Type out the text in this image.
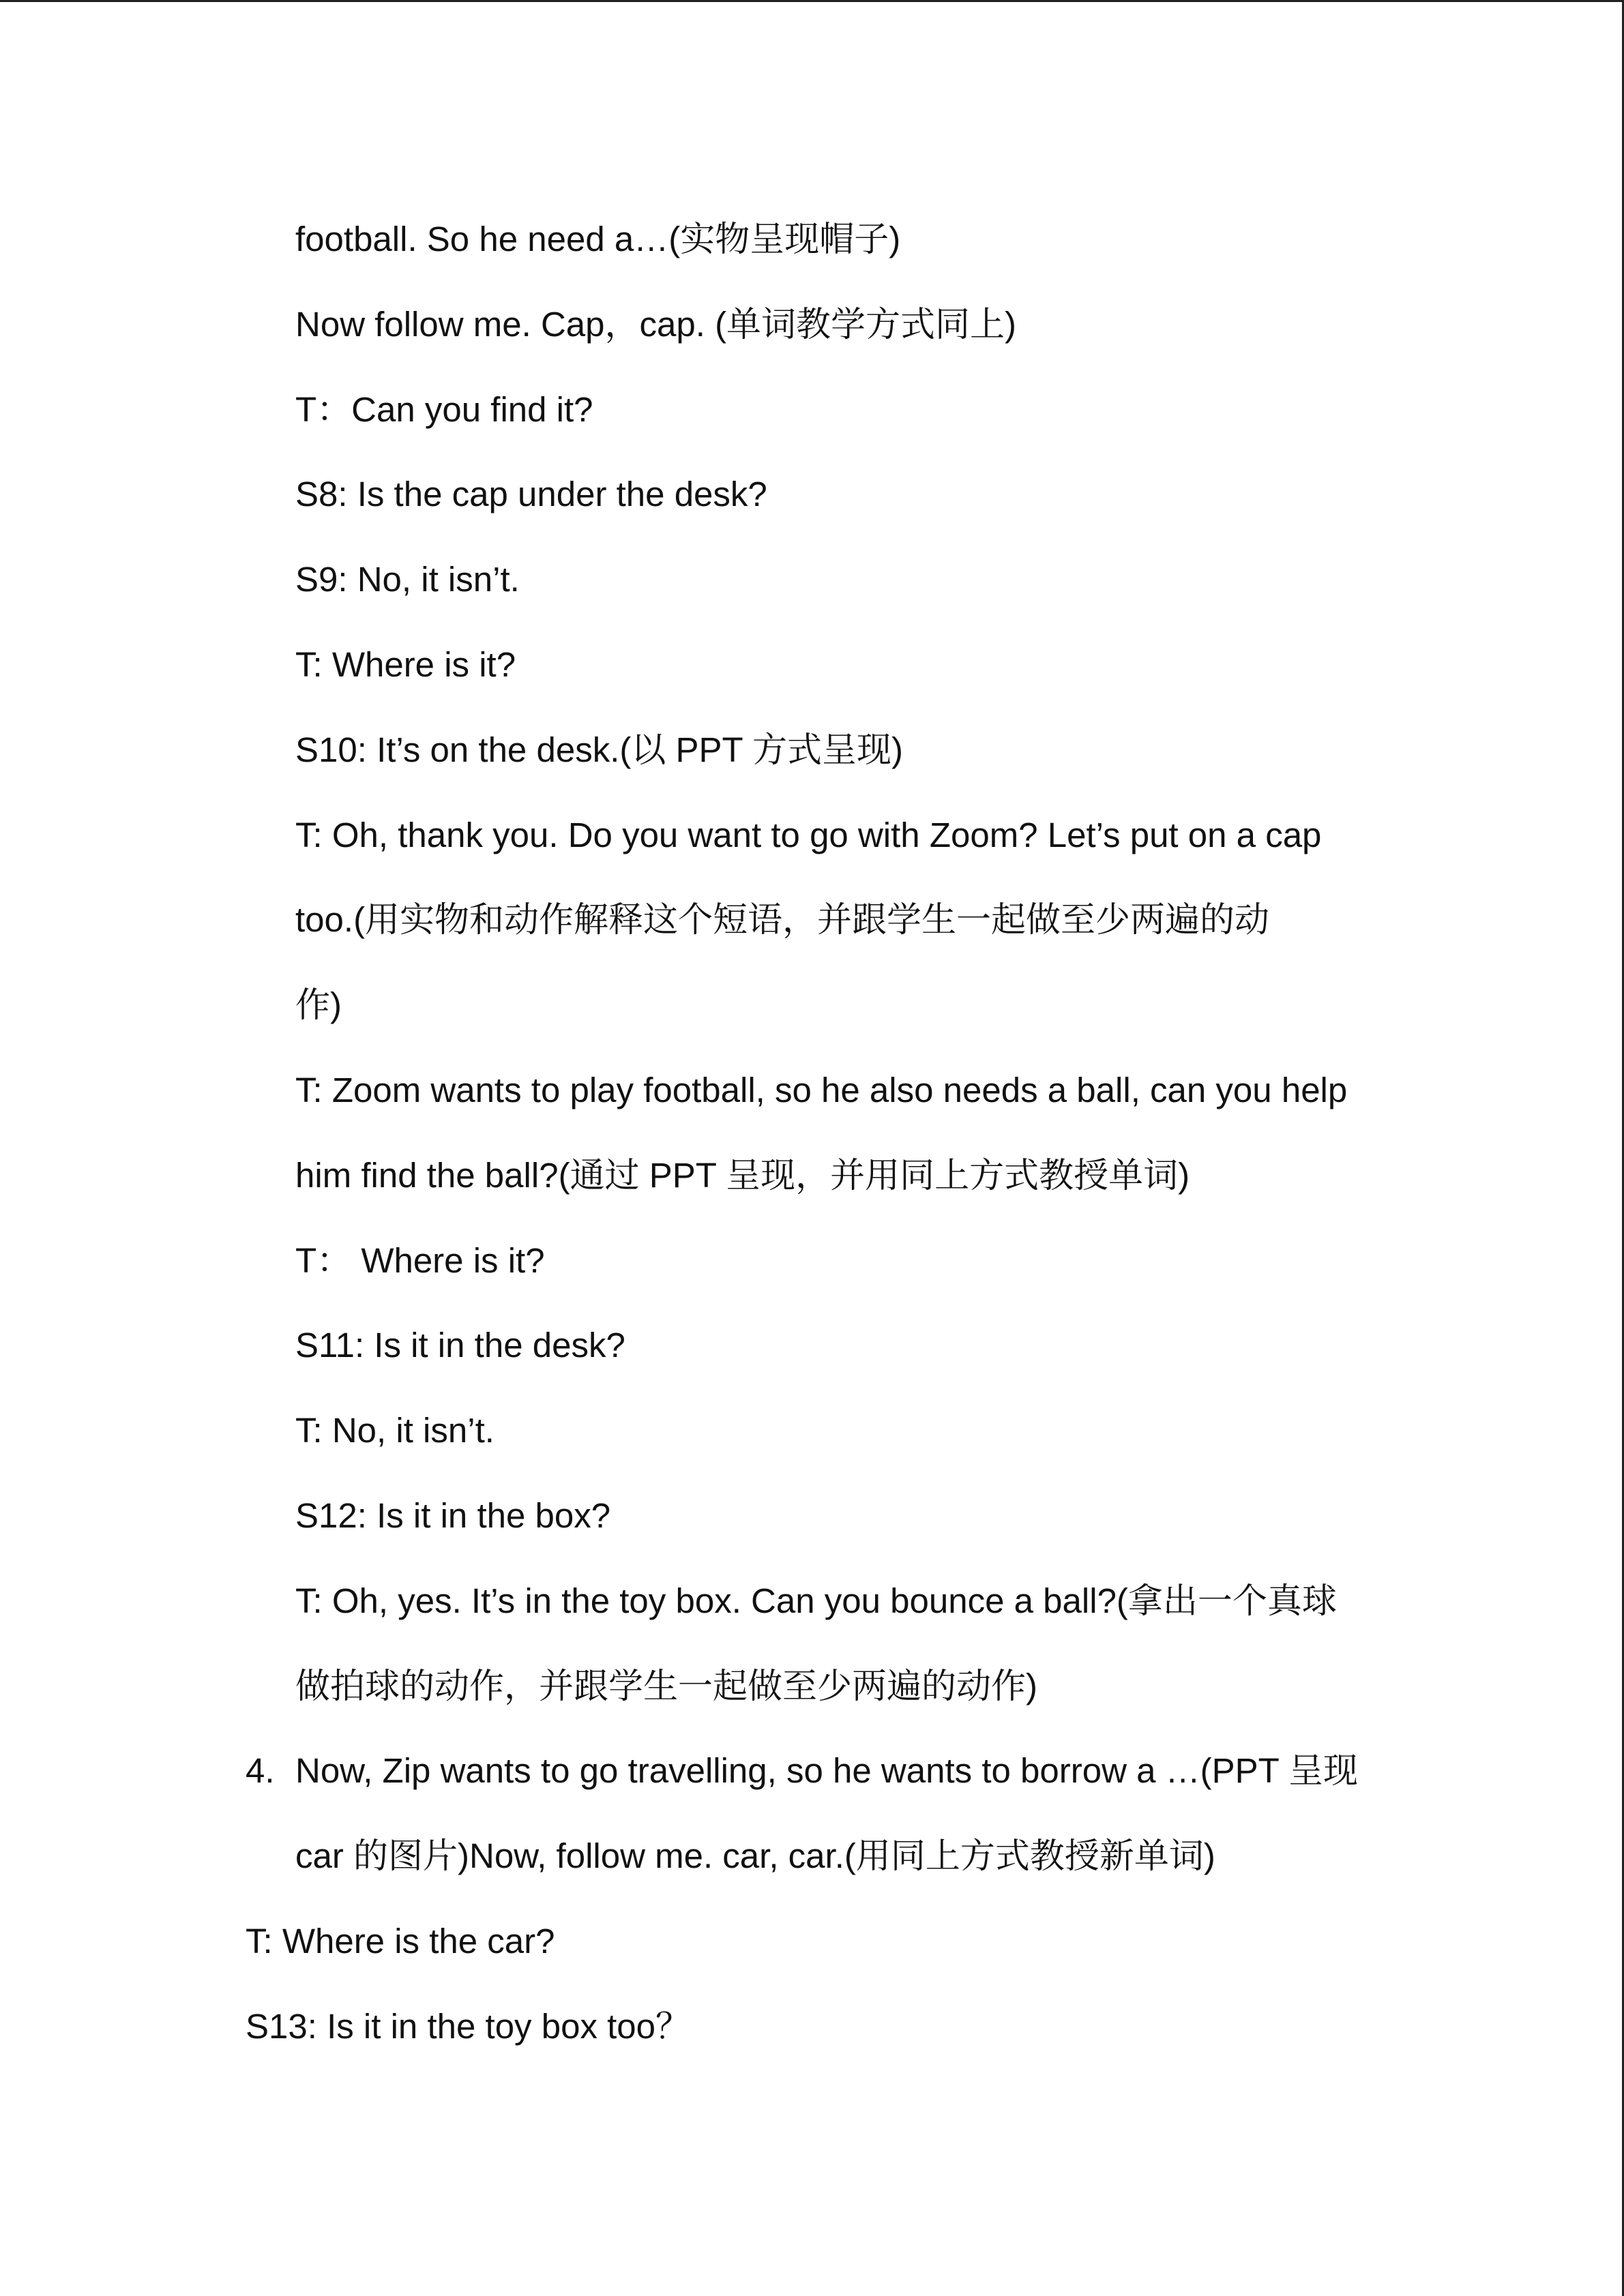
football. So he need a…(实物呈现帽子)
Now follow me. Cap，cap. (单词教学方式同上)
T：Can you find it?
S8: Is the cap under the desk?
S9: No, it isn’t.
T: Where is it?
S10: It’s on the desk.(以 PPT 方式呈现)
T: Oh, thank you. Do you want to go with Zoom? Let’s put on a cap
too.(用实物和动作解释这个短语，并跟学生一起做至少两遍的动
作)
T: Zoom wants to play football, so he also needs a ball, can you help
him find the ball?(通过 PPT 呈现，并用同上方式教授单词)
T： Where is it?
S11: Is it in the desk?
T: No, it isn’t.
S12: Is it in the box?
T: Oh, yes. It’s in the toy box. Can you bounce a ball?(拿出一个真球
做拍球的动作，并跟学生一起做至少两遍的动作)
4. Now, Zip wants to go travelling, so he wants to borrow a …(PPT 呈现
car 的图片)Now, follow me. car, car.(用同上方式教授新单词)
T: Where is the car?
S13: Is it in the toy box too？
